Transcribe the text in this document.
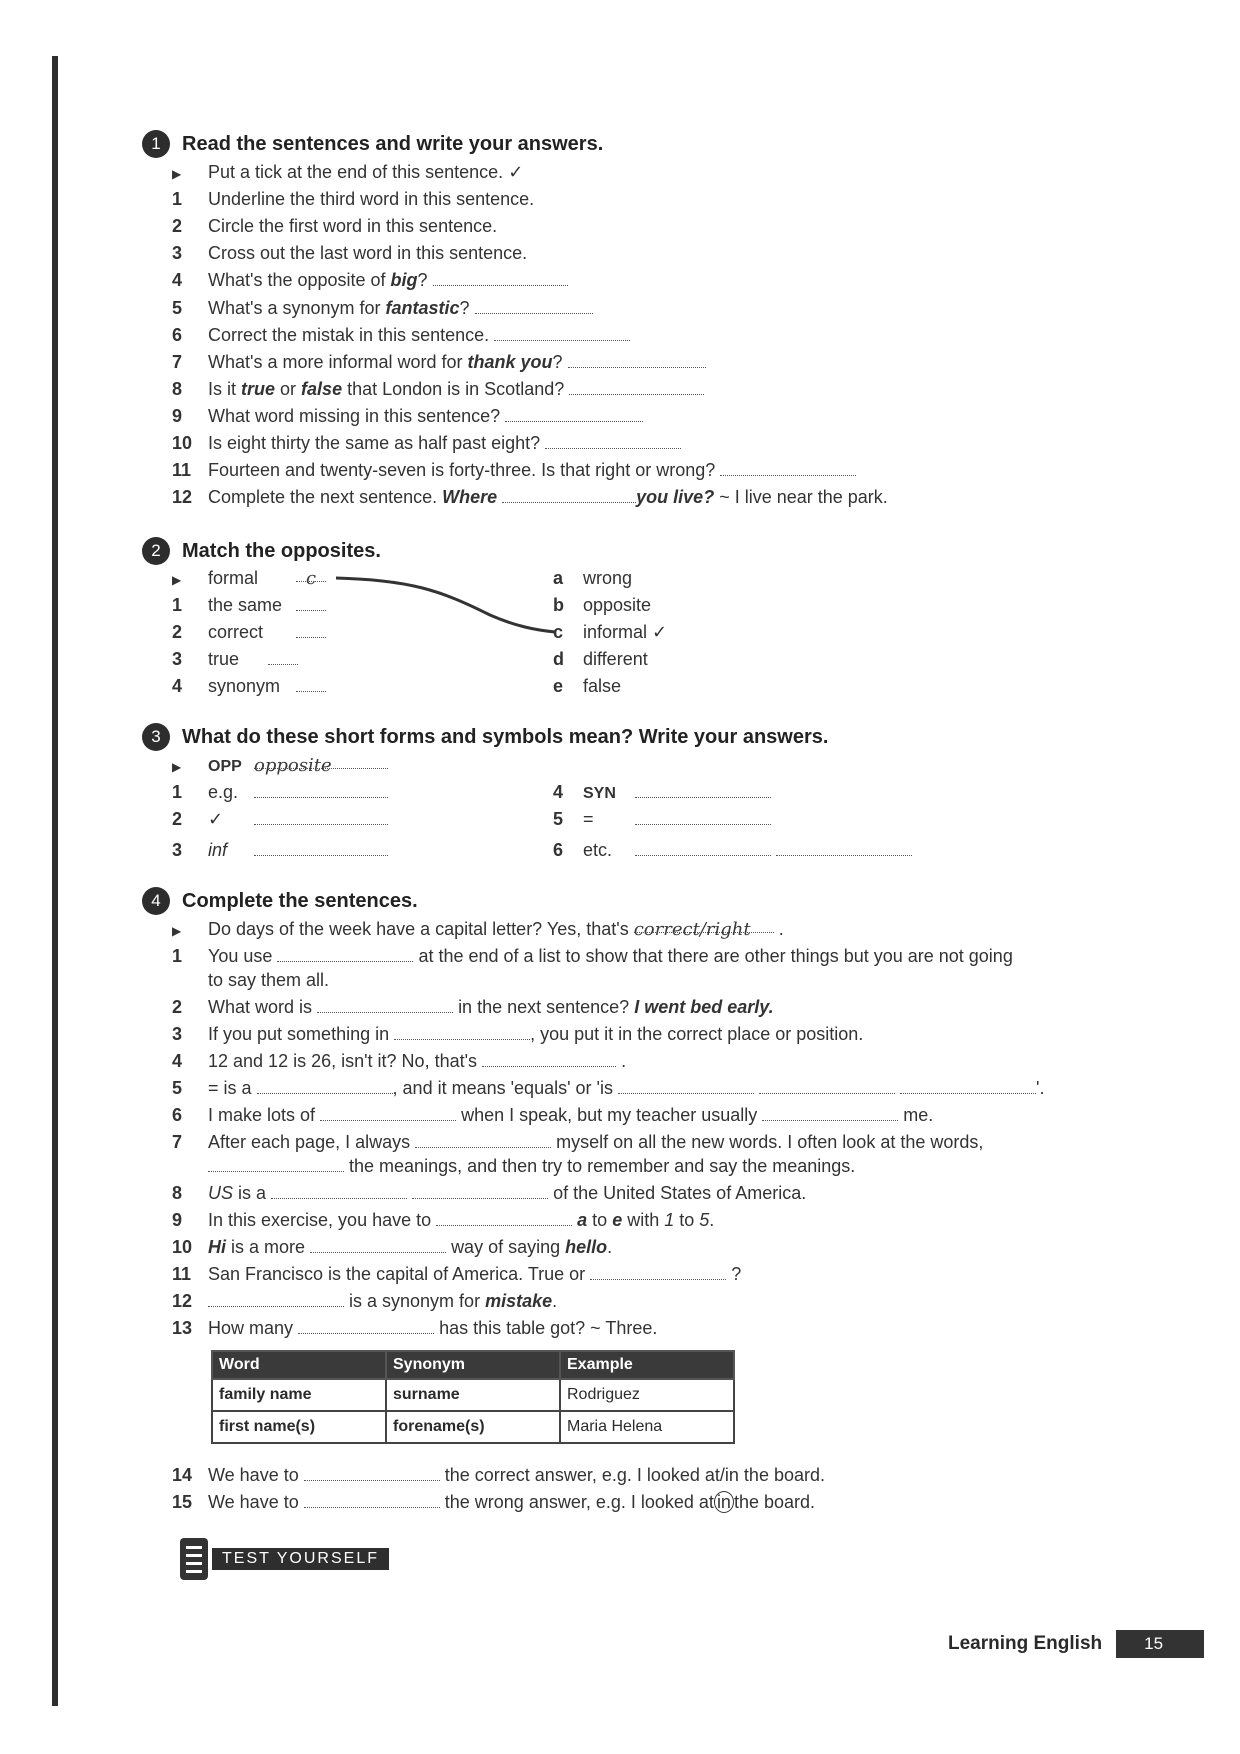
1	Read the sentences and write your answers.
▶ Put a tick at the end of this sentence. ✓
1 Underline the third word in this sentence.
2 Circle the first word in this sentence.
3 Cross out the last word in this sentence.
4 What's the opposite of big?
5 What's a synonym for fantastic?
6 Correct the mistak in this sentence.
7 What's a more informal word for thank you?
8 Is it true or false that London is in Scotland?
9 What word missing in this sentence?
10 Is eight thirty the same as half past eight?
11 Fourteen and twenty-seven is forty-three. Is that right or wrong?
12 Complete the next sentence. Where	you live? ~ I live near the park.
2	Match the opposites.
▶ formal	c
1 the same
2 correct
3 true
4 synonym
a wrong
b opposite
c informal ✓
d different
e false
3	What do these short forms and symbols mean? Write your answers.
▶ OPP opposite
1 e.g.
2 ✓
3 inf
4 SYN
5 =
6 etc.
4	Complete the sentences.
▶ Do days of the week have a capital letter? Yes, that's correct/right .
1 You use	at the end of a list to show that there are other things but you are not going
to say them all.
2 What word is	in the next sentence? I went bed early.
3 If you put something in	, you put it in the correct place or position.
4 12 and 12 is 26, isn't it? No, that's	.
5 = is a	, and it means 'equals' or 'is	'.
6 I make lots of	when I speak, but my teacher usually	me.
7 After each page, I always	myself on all the new words. I often look at the words,
the meanings, and then try to remember and say the meanings.
8 US is a	of the United States of America.
9 In this exercise, you have to	a to e with 1 to 5.
10 Hi is a more	way of saying hello.
11 San Francisco is the capital of America. True or	?
12	is a synonym for mistake.
13 How many	has this table got? ~ Three.
Word	Synonym	Example
family name	surname	Rodriguez
first name(s)	forename(s)	Maria Helena
14 We have to	the correct answer, e.g. I looked at/in the board.
15 We have to	the wrong answer, e.g. I looked at in the board.
TEST YOURSELF
Learning English	15
